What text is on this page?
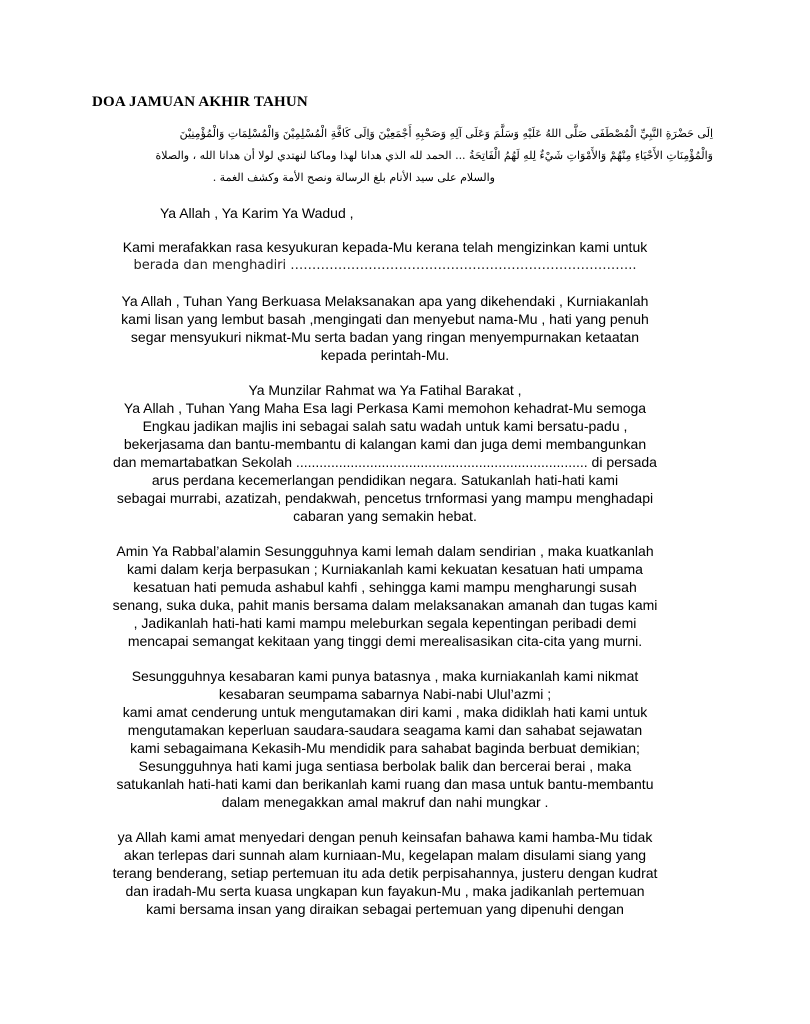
DOA JAMUAN AKHIR TAHUN
اِلَى حَضْرَةِ النَّبِيِّ الْمُصْطَفَى صَلَّى اللهُ عَلَيْهِ وَسَلَّمَ وَعَلَى آلِهِ وَصَحْبِهِ أَجْمَعِيْنَ وَاِلَى كَافَّةِ الْمُسْلِمِيْنَ وَالْمُسْلِمَاتِ وَالْمُؤْمِنِيْنَ
وَالْمُؤْمِنَاتِ الأَحْيَاءِ مِنْهُمْ وَالأَمْوَاتِ شَيْءٌ لِلهِ لَهُمُ الْفَاتِحَةُ ... الحمد لله الذي هدانا لهذا وماكنا لنهتدي لولا أن هدانا الله ، والصلاة
والسلام على سيد الأنام بلغ الرسالة ونصح الأمة وكشف الغمة .

Ya Allah , Ya Karim Ya Wadud ,

Kami merafakkan rasa kesyukuran kepada-Mu kerana telah mengizinkan kami untuk

berada dan menghadiri ……………………………………………………………………..

Ya Allah , Tuhan Yang Berkuasa Melaksanakan apa yang dikehendaki , Kurniakanlah

kami lisan yang lembut basah ,mengingati dan menyebut nama-Mu , hati yang penuh

segar mensyukuri nikmat-Mu serta badan yang ringan menyempurnakan ketaatan

kepada perintah-Mu.

Ya Munzilar Rahmat wa Ya Fatihal Barakat ,

Ya Allah , Tuhan Yang Maha Esa lagi Perkasa Kami memohon kehadrat-Mu semoga

Engkau jadikan majlis ini sebagai salah satu wadah untuk kami bersatu-padu ,

bekerjasama dan bantu-membantu di kalangan kami dan juga demi membangunkan

dan memartabatkan Sekolah ........................................................................... di persada

arus perdana kecemerlangan pendidikan negara. Satukanlah hati-hati kami

sebagai murrabi, azatizah, pendakwah, pencetus trnformasi yang mampu menghadapi

cabaran yang semakin hebat.

Amin Ya Rabbal’alamin Sesungguhnya kami lemah dalam sendirian , maka kuatkanlah

kami dalam kerja berpasukan ; Kurniakanlah kami kekuatan kesatuan hati umpama

kesatuan hati pemuda ashabul kahfi , sehingga kami mampu mengharungi susah

senang, suka duka, pahit manis bersama dalam melaksanakan amanah dan tugas kami

, Jadikanlah hati-hati kami mampu meleburkan segala kepentingan peribadi demi

mencapai semangat kekitaan yang tinggi demi merealisasikan cita-cita yang murni.

Sesungguhnya kesabaran kami punya batasnya , maka kurniakanlah kami nikmat

kesabaran seumpama sabarnya Nabi-nabi Ulul’azmi ;

kami amat cenderung untuk mengutamakan diri kami , maka didiklah hati kami untuk

mengutamakan keperluan saudara-saudara seagama kami dan sahabat sejawatan

kami sebagaimana Kekasih-Mu mendidik para sahabat baginda berbuat demikian;

Sesungguhnya hati kami juga sentiasa berbolak balik dan bercerai berai , maka

satukanlah hati-hati kami dan berikanlah kami ruang dan masa untuk bantu-membantu

dalam menegakkan amal makruf dan nahi mungkar .

ya Allah kami amat menyedari dengan penuh keinsafan bahawa kami hamba-Mu tidak

akan terlepas dari sunnah alam kurniaan-Mu, kegelapan malam disulami siang yang

terang benderang, setiap pertemuan itu ada detik perpisahannya, justeru dengan kudrat

dan iradah-Mu serta kuasa ungkapan kun fayakun-Mu , maka jadikanlah pertemuan

kami bersama insan yang diraikan sebagai pertemuan yang dipenuhi dengan
